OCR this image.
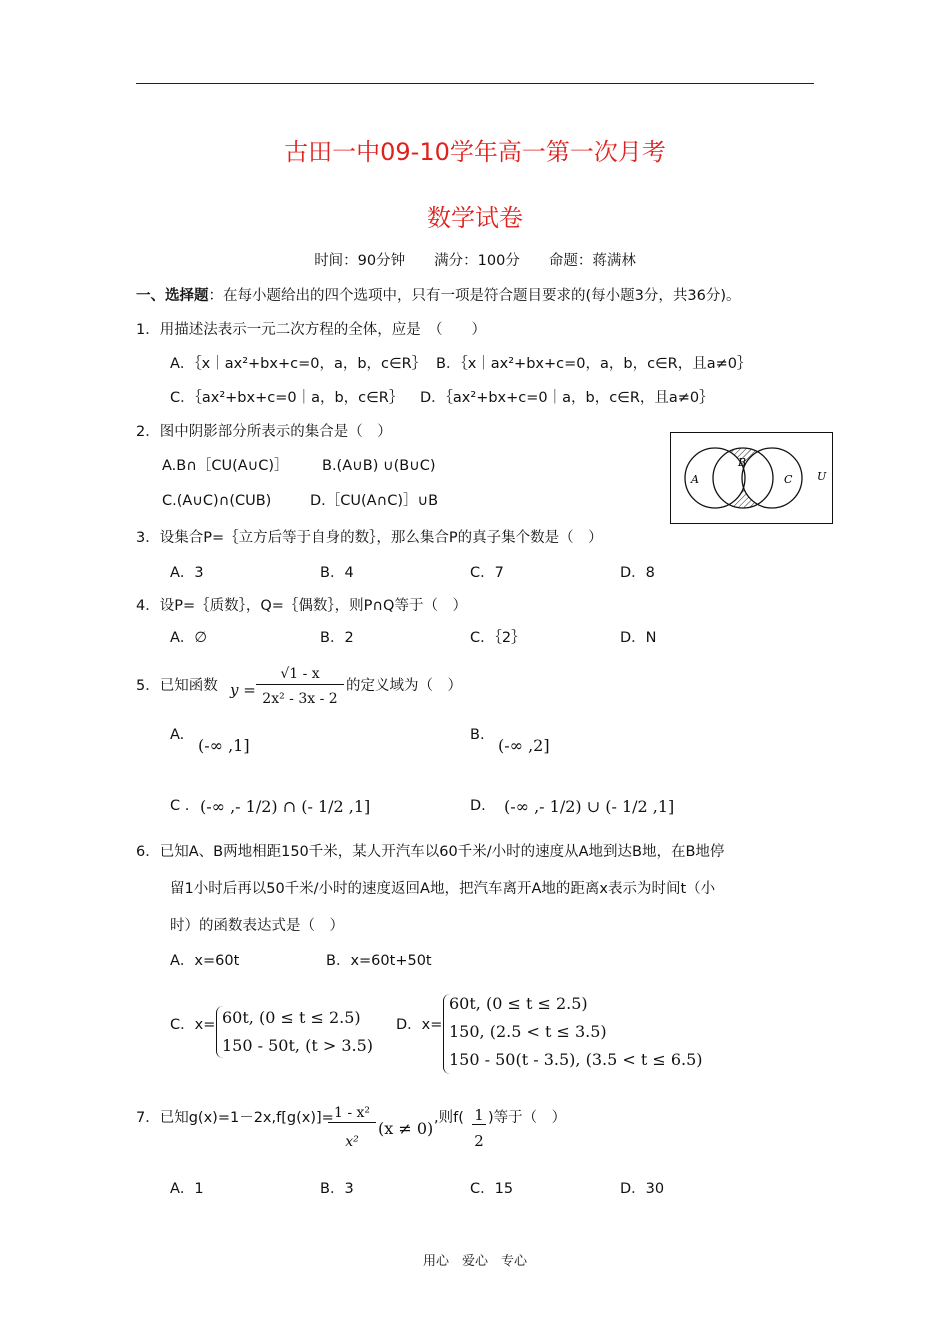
古田一中09-10学年高一第一次月考
数学试卷
时间：90分钟　　满分：100分　　命题：蒋满林
一、选择题：在每小题给出的四个选项中，只有一项是符合题目要求的(每小题3分，共36分)。
1．用描述法表示一元二次方程的全体，应是　（　　）
A．｛x｜ax²+bx+c=0，a，b，c∈R｝ B．｛x｜ax²+bx+c=0，a，b，c∈R，且a≠0｝
C．｛ax²+bx+c=0｜a，b，c∈R｝ D．｛ax²+bx+c=0｜a，b，c∈R，且a≠0｝
2．图中阴影部分所表示的集合是（　）
A.B∩［CU(A∪C)］ B.(A∪B) ∪(B∪C)
C.(A∪C)∩(CUB)	D.［CU(A∩C)］∪B
A
B
C U
3．设集合P=｛立方后等于自身的数｝，那么集合P的真子集个数是（　）
A．3	B．4	C．7	D．8
4．设P=｛质数｝，Q=｛偶数｝，则P∩Q等于（　）
A．∅	B．2	C．｛2｝	D．N
5．已知函数 y =
√1 - x
2x² - 3x - 2
的定义域为（　）
A.
(-∞ ,1]
B.
(-∞ ,2]
C . (-∞ ,- 1/2) ∩ (- 1/2 ,1]	D. (-∞ ,- 1/2) ∪ (- 1/2 ,1]
6．已知A、B两地相距150千米，某人开汽车以60千米/小时的速度从A地到达B地，在B地停
留1小时后再以50千米/小时的速度返回A地，把汽车离开A地的距离x表示为时间t（小
时）的函数表达式是（　）
A．x=60t	B．x=60t+50t
C．x= 60t, (0 ≤ t ≤ 2.5)
150 - 50t, (t > 3.5)
D．x=
60t, (0 ≤ t ≤ 2.5)
150, (2.5 < t ≤ 3.5)
150 - 50(t - 3.5), (3.5 < t ≤ 6.5)
7．已知g(x)=1－2x,f[g(x)]= 1 - x²
x²
(x ≠ 0)
,则f( 1
2
)等于（　）
A．1	B．3	C．15	D．30
用心　爱心　专心
